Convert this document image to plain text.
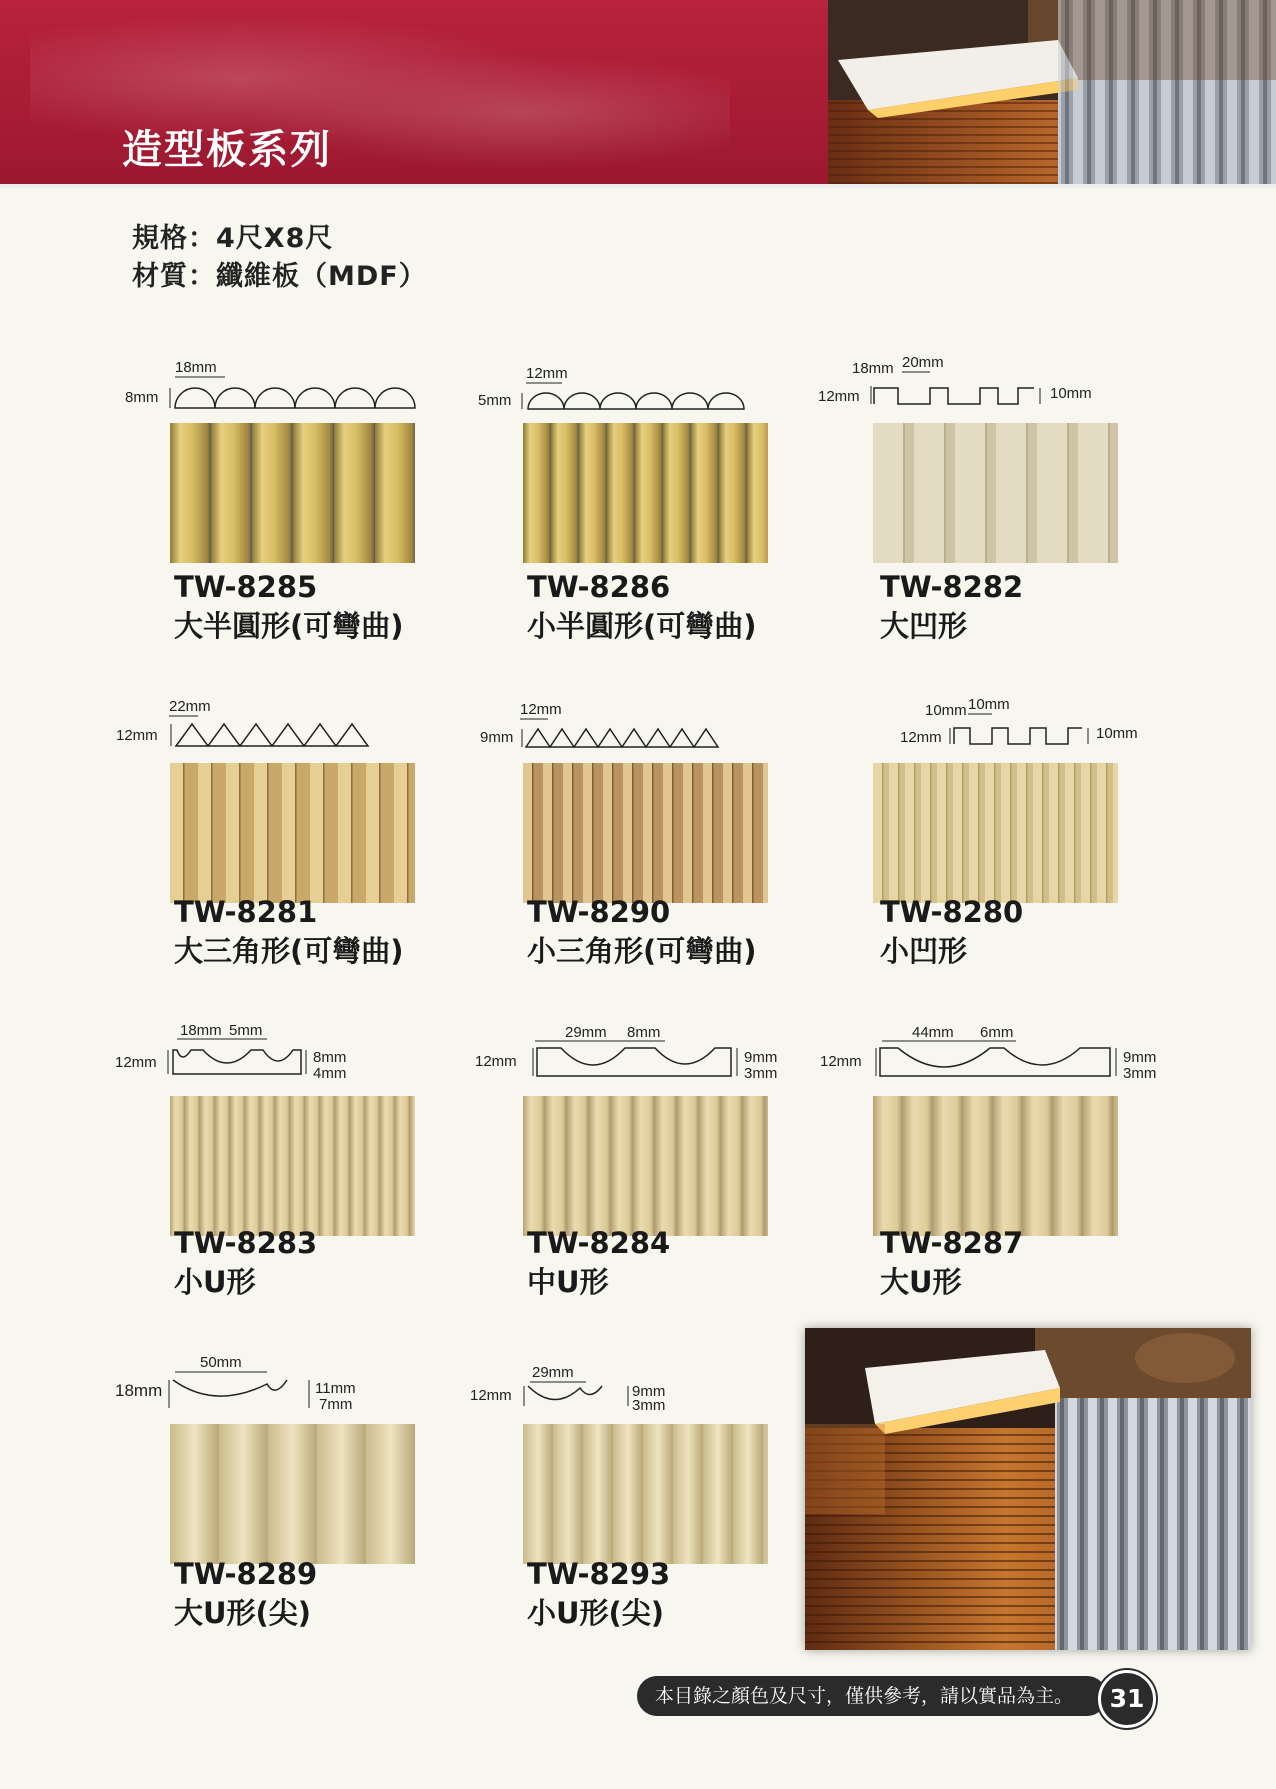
造型板系列
規格：4尺X8尺
材質：纖維板（MDF）
18mm
8mm
TW-8285
大半圓形(可彎曲)
12mm
5mm
TW-8286
小半圓形(可彎曲)
18mm 20mm
12mm	10mm
TW-8282
大凹形
22mm
12mm
TW-8281
大三角形(可彎曲)
12mm
9mm
TW-8290
小三角形(可彎曲)
10mm 10mm
12mm	10mm
TW-8280
小凹形
18mm 5mm
12mm	8mm
4mm
TW-8283
小U形
29mm 8mm
12mm	9mm
3mm
TW-8284
中U形
44mm 6mm
12mm	9mm
3mm
TW-8287
大U形
50mm
18mm	11mm
7mm
TW-8289
大U形(尖)
29mm
12mm	9mm
3mm
TW-8293
小U形(尖)
本目錄之顏色及尺寸，僅供參考，請以實品為主。	31
